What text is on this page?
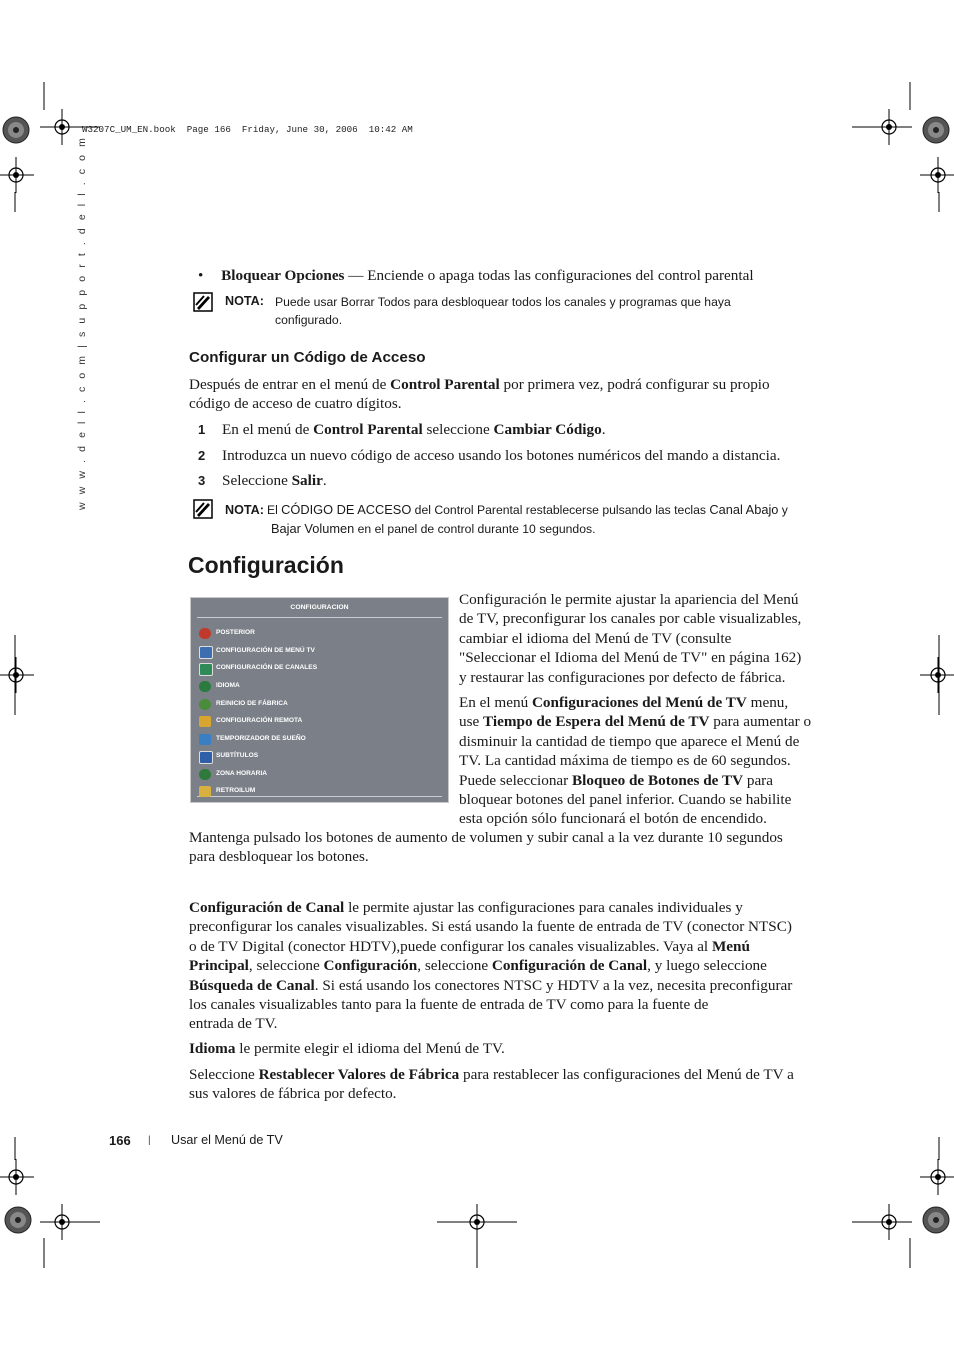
W3207C_UM_EN.book  Page 166  Friday, June 30, 2006  10:42 AM
w w w . d e l l . c o m | s u p p o r t . d e l l . c o m	• Bloquear Opciones — Enciende o apaga todas las configuraciones del control parental
NOTA: Puede usar Borrar Todos para desbloquear todos los canales y programas que haya
configurado.
Configurar un Código de Acceso
Después de entrar en el menú de Control Parental por primera vez, podrá configurar su propio
código de acceso de cuatro dígitos.
1 En el menú de Control Parental seleccione Cambiar Código.
2 Introduzca un nuevo código de acceso usando los botones numéricos del mando a distancia.
3 Seleccione Salir.
NOTA: El CÓDIGO DE ACCESO del Control Parental restablecerse pulsando las teclas Canal Abajo y
Bajar Volumen en el panel de control durante 10 segundos.
Configuración
CONFIGURACION
POSTERIOR
CONFIGURACIÓN DE MENÚ TV
CONFIGURACIÓN DE CANALES
IDIOMA
REINICIO DE FÁBRICA
CONFIGURACIÓN REMOTA
TEMPORIZADOR DE SUEÑO
SUBTÍTULOS
ZONA HORARIA
RETROILUM
Configuración le permite ajustar la apariencia del Menú
de TV, preconfigurar los canales por cable visualizables,
cambiar el idioma del Menú de TV (consulte
"Seleccionar el Idioma del Menú de TV" en página 162)
y restaurar las configuraciones por defecto de fábrica.
En el menú Configuraciones del Menú de TV menu,
use Tiempo de Espera del Menú de TV para aumentar o
disminuir la cantidad de tiempo que aparece el Menú de
TV. La cantidad máxima de tiempo es de 60 segundos.
Puede seleccionar Bloqueo de Botones de TV para
bloquear botones del panel inferior. Cuando se habilite
esta opción sólo funcionará el botón de encendido.
Mantenga pulsado los botones de aumento de volumen y subir canal a la vez durante 10 segundos
para desbloquear los botones.
Configuración de Canal le permite ajustar las configuraciones para canales individuales y
preconfigurar los canales visualizables. Si está usando la fuente de entrada de TV (conector NTSC)
o de TV Digital (conector HDTV),puede configurar los canales visualizables. Vaya al Menú
Principal, seleccione Configuración, seleccione Configuración de Canal, y luego seleccione
Búsqueda de Canal. Si está usando los conectores NTSC y HDTV a la vez, necesita preconfigurar
los canales visualizables tanto para la fuente de entrada de TV como para la fuente de
entrada de TV.
Idioma le permite elegir el idioma del Menú de TV.
Seleccione Restablecer Valores de Fábrica para restablecer las configuraciones del Menú de TV a
sus valores de fábrica por defecto.
166 | Usar el Menú de TV
